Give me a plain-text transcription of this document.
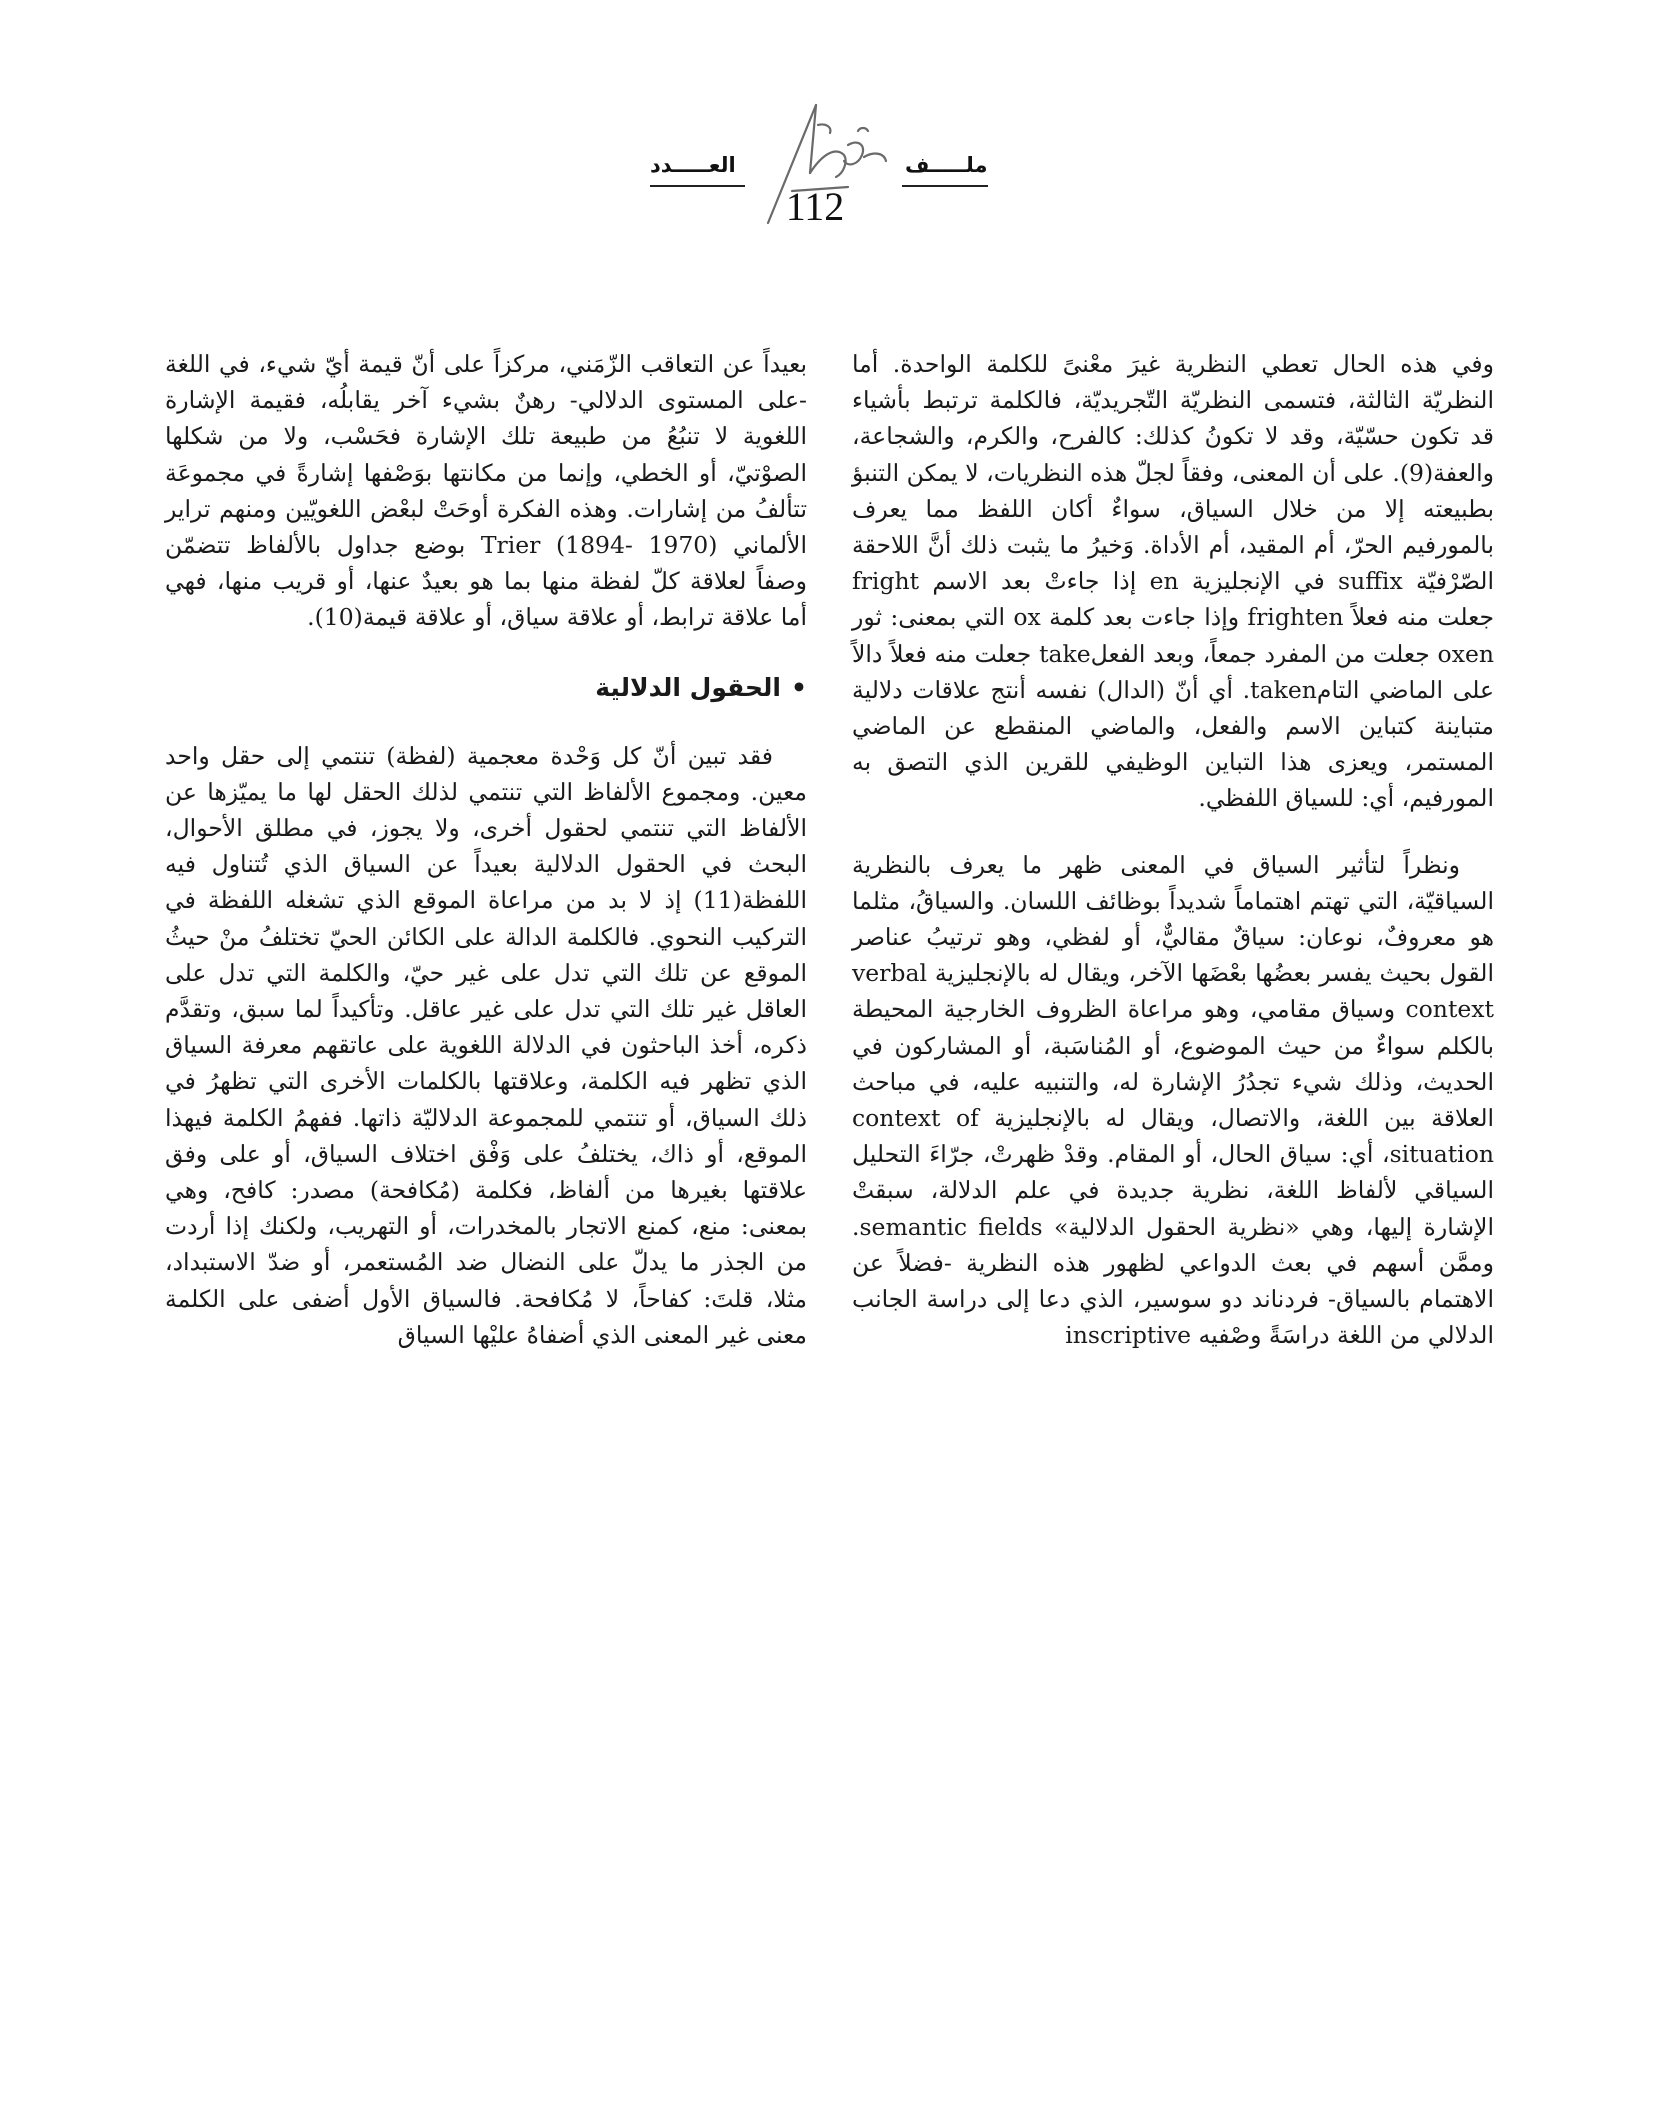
ملـــــف
العـــــدد
112

وفي هذه الحال تعطي النظرية غيرَ معْنىً للكلمة الواحدة. أما النظريّة الثالثة، فتسمى النظريّة التّجريديّة، فالكلمة ترتبط بأشياء قد تكون حسّيّة، وقد لا تكونُ كذلك: كالفرح، والكرم، والشجاعة، والعفة(9). على أن المعنى، وفقاً لجلّ هذه النظريات، لا يمكن التنبؤ بطبيعته إلا من خلال السياق، سواءٌ أكان اللفظ مما يعرف بالمورفيم الحرّ، أم المقيد، أم الأداة. وَخيرُ ما يثبت ذلك أنَّ اللاحقة الصّرْفيّة suffix في الإنجليزية en إذا جاءتْ بعد الاسم fright جعلت منه فعلاً frighten وإذا جاءت بعد كلمة ox التي بمعنى: ثور oxen جعلت من المفرد جمعاً، وبعد الفعلtake جعلت منه فعلاً دالاً على الماضي التامtaken. أي أنّ (الدال) نفسه أنتج علاقات دلالية متباينة كتباين الاسم والفعل، والماضي المنقطع عن الماضي المستمر، ويعزى هذا التباين الوظيفي للقرين الذي التصق به المورفيم، أي: للسياق اللفظي.

ونظراً لتأثير السياق في المعنى ظهر ما يعرف بالنظرية السياقيّة، التي تهتم اهتماماً شديداً بوظائف اللسان. والسياقُ، مثلما هو معروفٌ، نوعان: سياقٌ مقاليٌّ، أو لفظي، وهو ترتيبُ عناصر القول بحيث يفسر بعضُها بعْضَها الآخر، ويقال له بالإنجليزية verbal context وسياق مقامي، وهو مراعاة الظروف الخارجية المحيطة بالكلم سواءٌ من حيث الموضوع، أو المُناسَبة، أو المشاركون في الحديث، وذلك شيء تجدُرُ الإشارة له، والتنبيه عليه، في مباحث العلاقة بين اللغة، والاتصال، ويقال له بالإنجليزية context of situation، أي: سياق الحال، أو المقام. وقدْ ظهرتْ، جرّاءَ التحليل السياقي لألفاظ اللغة، نظرية جديدة في علم الدلالة، سبقتْ الإشارة إليها، وهي «نظرية الحقول الدلالية» semantic fields. وممَّن أسهم في بعث الدواعي لظهور هذه النظرية -فضلاً عن الاهتمام بالسياق- فردناند دو سوسير، الذي دعا إلى دراسة الجانب الدلالي من اللغة دراسَةً وصْفيه inscriptive

بعيداً عن التعاقب الزّمَني، مركزاً على أنّ قيمة أيّ شيء، في اللغة -على المستوى الدلالي- رهنٌ بشيء آخر يقابلُه، فقيمة الإشارة اللغوية لا تنبُعُ من طبيعة تلك الإشارة فحَسْب، ولا من شكلها الصوْتيّ، أو الخطي، وإنما من مكانتها بوَصْفها إشارةً في مجموعَة تتألفُ من إشارات. وهذه الفكرة أوحَتْ لبعْض اللغويّين ومنهم تراير الألماني Trier (1894- 1970) بوضع جداول بالألفاظ تتضمّن وصفاً لعلاقة كلّ لفظة منها بما هو بعيدٌ عنها، أو قريب منها، فهي أما علاقة ترابط، أو علاقة سياق، أو علاقة قيمة(10).

•الحقول الدلالية

فقد تبين أنّ كل وَحْدة معجمية (لفظة) تنتمي إلى حقل واحد معين. ومجموع الألفاظ التي تنتمي لذلك الحقل لها ما يميّزها عن الألفاظ التي تنتمي لحقول أخرى، ولا يجوز، في مطلق الأحوال، البحث في الحقول الدلالية بعيداً عن السياق الذي تُتناول فيه اللفظة(11) إذ لا بد من مراعاة الموقع الذي تشغله اللفظة في التركيب النحوي. فالكلمة الدالة على الكائن الحيّ تختلفُ منْ حيثُ الموقع عن تلك التي تدل على غير حيّ، والكلمة التي تدل على العاقل غير تلك التي تدل على غير عاقل. وتأكيداً لما سبق، وتقدَّم ذكره، أخذ الباحثون في الدلالة اللغوية على عاتقهم معرفة السياق الذي تظهر فيه الكلمة، وعلاقتها بالكلمات الأخرى التي تظهرُ في ذلك السياق، أو تنتمي للمجموعة الدلاليّة ذاتها. ففهمُ الكلمة فيهذا الموقع، أو ذاك، يختلفُ على وَفْق اختلاف السياق، أو على وفق علاقتها بغيرها من ألفاظ، فكلمة (مُكافحة) مصدر: كافح، وهي بمعنى: منع، كمنع الاتجار بالمخدرات، أو التهريب، ولكنك إذا أردت من الجذر ما يدلّ على النضال ضد المُستعمر، أو ضدّ الاستبداد، مثلا، قلتَ: كفاحاً، لا مُكافحة. فالسياق الأول أضفى على الكلمة معنى غير المعنى الذي أضفاهُ عليْها السياق
